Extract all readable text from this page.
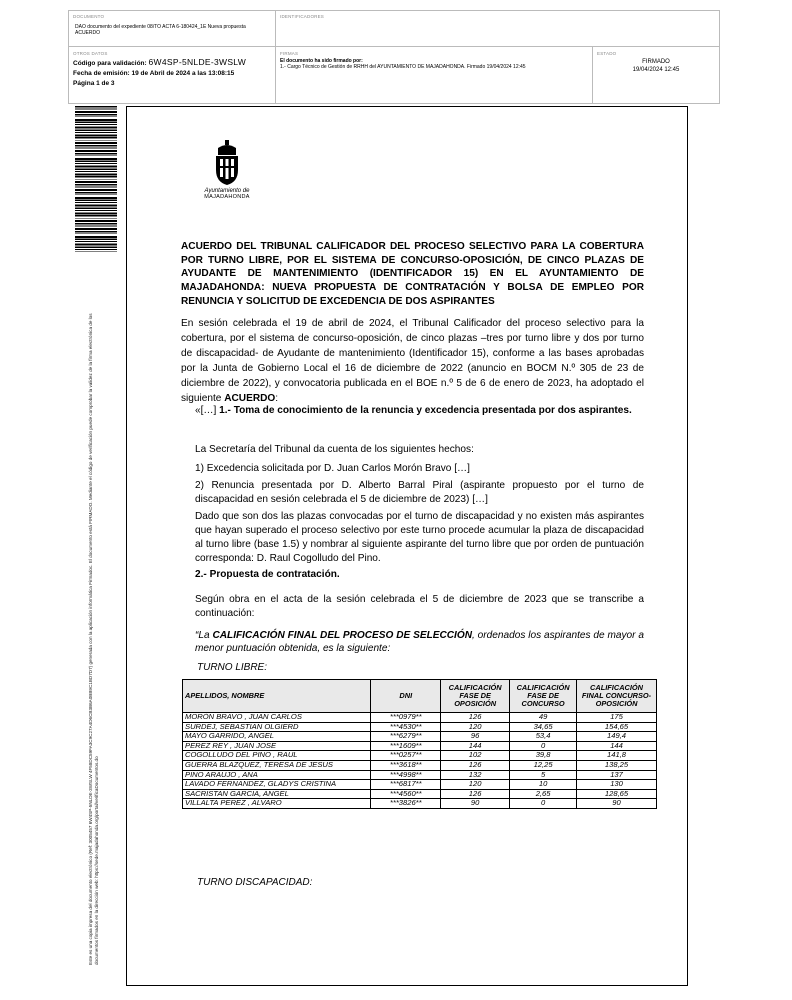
DOCUMENTO
DAO documento del expediente 08/TO ACTA 6-180424_1E Nueva propuesta ACUERDO
IDENTIFICADORES
OTROS DATOS
Código para validación: 6W4SP-5NLDE-3WSLW
Fecha de emisión: 19 de Abril de 2024 a las 13:08:15
Página 1 de 3
FIRMAS
El documento ha sido firmado por:
1.- Cargo Técnico de Gestión de RRHH del AYUNTAMIENTO DE MAJADAHONDA. Firmado 19/04/2024 12:45
ESTADO
FIRMADO
19/04/2024 12:45
Este es una copia impresa del documento electrónico (Ref: 3005457 6W4SP-5NLDE-3WSLW 4F58DC59FA3C9C27A4D6CB3B6A0BB9C1BD7D7) generada con la aplicación informática Firmadoc. El documento está FIRMADO. Mediante el código de verificación puede comprobar la validez de la firma electrónica de los documentos firmados en la dirección web: https://sede.majadahonda.org/portal/verificaDocumentos.do
Ayuntamiento de
MAJADAHONDA
ACUERDO DEL TRIBUNAL CALIFICADOR DEL PROCESO SELECTIVO PARA LA COBERTURA POR TURNO LIBRE, POR EL SISTEMA DE CONCURSO-OPOSICIÓN, DE CINCO PLAZAS DE AYUDANTE DE MANTENIMIENTO (IDENTIFICADOR 15) EN EL AYUNTAMIENTO DE MAJADAHONDA: NUEVA PROPUESTA DE CONTRATACIÓN Y BOLSA DE EMPLEO POR RENUNCIA Y SOLICITUD DE EXCEDENCIA DE DOS ASPIRANTES
En sesión celebrada el 19 de abril de 2024, el Tribunal Calificador del proceso selectivo para la cobertura, por el sistema de concurso-oposición, de cinco plazas –tres por turno libre y dos por turno de discapacidad- de Ayudante de mantenimiento (Identificador 15), conforme a las bases aprobadas por la Junta de Gobierno Local el 16 de diciembre de 2022 (anuncio en BOCM N.º 305 de 23 de diciembre de 2022), y convocatoria publicada en el BOE n.º 5 de 6 de enero de 2023, ha adoptado el siguiente ACUERDO:
«[…] 1.- Toma de conocimiento de la renuncia y excedencia presentada por dos aspirantes.
La Secretaría del Tribunal da cuenta de los siguientes hechos:
1) Excedencia solicitada por D. Juan Carlos Morón Bravo […]
2) Renuncia presentada por D. Alberto Barral Piral (aspirante propuesto por el turno de discapacidad en sesión celebrada el 5 de diciembre de 2023) […]
Dado que son dos las plazas convocadas por el turno de discapacidad y no existen más aspirantes que hayan superado el proceso selectivo por este turno procede acumular la plaza de discapacidad al turno libre (base 1.5) y nombrar al siguiente aspirante del turno libre que por orden de puntuación corresponda: D. Raul Cogolludo del Pino.
2.- Propuesta de contratación.
Según obra en el acta de la sesión celebrada el 5 de diciembre de 2023 que se transcribe a continuación:
“La CALIFICACIÓN FINAL DEL PROCESO DE SELECCIÓN, ordenados los aspirantes de mayor a menor puntuación obtenida, es la siguiente:
TURNO LIBRE:
APELLIDOS, NOMBRE	DNI	CALIFICACIÓN FASE DE OPOSICIÓN	CALIFICACIÓN FASE DE CONCURSO	CALIFICACIÓN FINAL CONCURSO-OPOSICIÓN
MORÓN BRAVO , JUAN CARLOS	***0979**	126	49	175
SURDEJ, SEBASTIAN OLGIERD	***4530**	120	34,65	154,65
MAYO GARRIDO, ANGEL	***6279**	96	53,4	149,4
PEREZ REY , JUAN JOSE	***1609**	144	0	144
COGOLLUDO DEL PINO , RAUL	***0257**	102	39,8	141,8
GUERRA BLAZQUEZ, TERESA DE JESUS	***3618**	126	12,25	138,25
PINO ARAUJO , ANA	***4998**	132	5	137
LAVADO FERNANDEZ, GLADYS CRISTINA	***6817**	120	10	130
SACRISTAN GARCIA, ANGEL	***4560**	126	2,65	128,65
VILLALTA PEREZ , ALVARO	***3826**	90	0	90
TURNO DISCAPACIDAD:
